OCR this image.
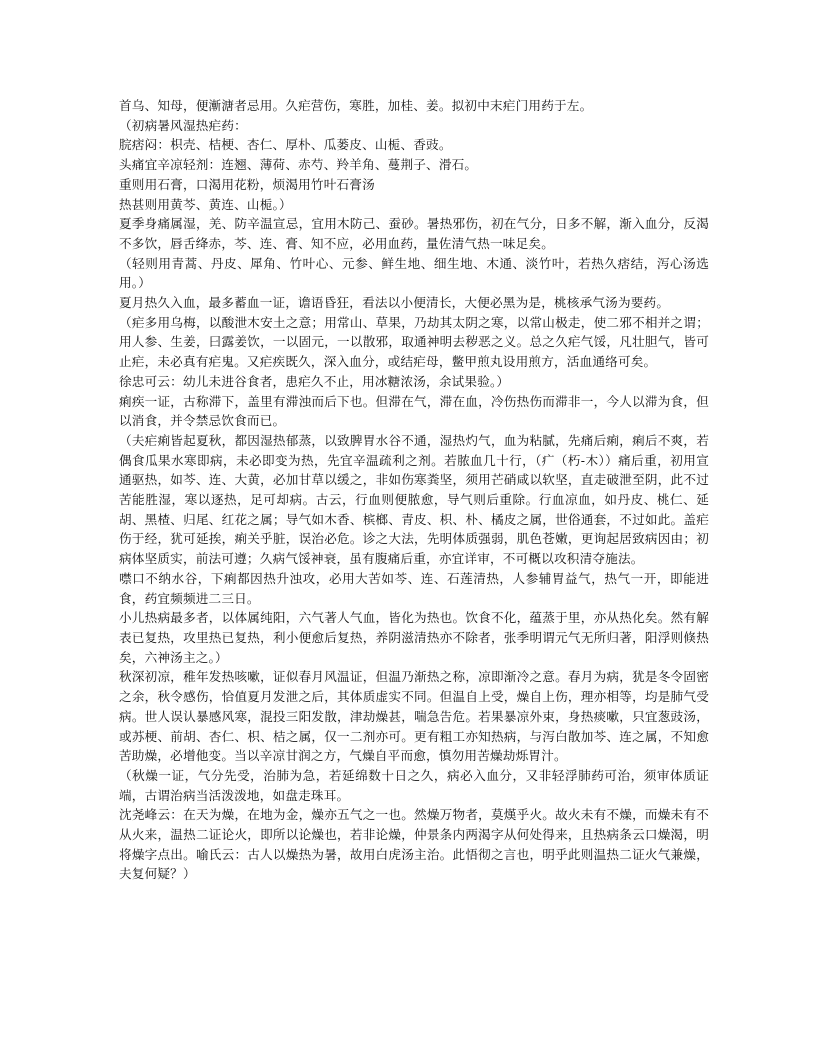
首乌、知母，便漸溏者忌用。久疟营伤，寒胜，加桂、姜。拟初中末疟门用药于左。

（初病暑风湿热疟药：

脘痞闷：枳壳、桔梗、杏仁、厚朴、瓜蒌皮、山栀、香豉。

头痛宜辛凉轻剂：连翘、薄荷、赤芍、羚羊角、蔓荆子、滑石。

重则用石膏，口渴用花粉，烦渴用竹叶石膏汤

热甚则用黄芩、黄连、山栀。）

夏季身痛属湿，羌、防辛温宣忌，宜用木防己、蚕砂。暑热邪伤，初在气分，日多不解，渐入血分，反渴不多饮，唇舌绛赤，芩、连、膏、知不应，必用血药，量佐清气热一味足矣。

（轻则用青蒿、丹皮、犀角、竹叶心、元参、鲜生地、细生地、木通、淡竹叶，若热久痞结，泻心汤选用。）

夏月热久入血，最多蓄血一证，谵语昏狂，看法以小便清长，大便必黑为是，桃核承气汤为要药。

（疟多用乌梅，以酸泄木安土之意；用常山、草果，乃劫其太阴之寒，以常山极走，使二邪不相并之谓；用人参、生姜，曰露姜饮，一以固元，一以散邪，取通神明去秽恶之义。总之久疟气馁，凡壮胆气，皆可止疟，未必真有疟鬼。又疟疾既久，深入血分，或结疟母，鳖甲煎丸设用煎方，活血通络可矣。

徐忠可云：幼儿未进谷食者，患疟久不止，用冰糖浓汤，余试果验。）

痢疾一证，古称滞下，盖里有滞浊而后下也。但滞在气，滞在血，冷伤热伤而滞非一，今人以滞为食，但以消食，并令禁忌饮食而已。

（夫疟痢皆起夏秋，都因湿热郁蒸，以致脾胃水谷不通，湿热灼气，血为粘腻，先痛后痢，痢后不爽，若偶食瓜果水寒即病，未必即变为热，先宜辛温疏利之剂。若脓血几十行，（疒（朽-木））痛后重，初用宣通驱热，如芩、连、大黄，必加甘草以缓之，非如伤寒粪坚，须用芒硝咸以软坚，直走破泄至阴，此不过苦能胜湿，寒以逐热，足可却病。古云，行血则便脓愈，导气则后重除。行血凉血，如丹皮、桃仁、延胡、黑楂、归尾、红花之属；导气如木香、槟榔、青皮、枳、朴、橘皮之属，世俗通套，不过如此。盖疟伤于经，犹可延挨，痢关乎脏，误治必危。诊之大法，先明体质强弱，肌色苍嫩，更询起居致病因由；初病体坚质实，前法可遵；久病气馁神衰，虽有腹痛后重，亦宜详审，不可概以攻积清夺施法。

噤口不纳水谷，下痢都因热升浊攻，必用大苦如芩、连、石莲清热，人参辅胃益气，热气一开，即能进食，药宜频频进二三日。

小儿热病最多者，以体属纯阳，六气著人气血，皆化为热也。饮食不化，蕴蒸于里，亦从热化矣。然有解表已复热，攻里热已复热，利小便愈后复热，养阴滋清热亦不除者，张季明谓元气无所归著，阳浮则倏热矣，六神汤主之。）

秋深初凉，稚年发热咳嗽，证似春月风温证，但温乃渐热之称，凉即渐冷之意。春月为病，犹是冬令固密之余，秋令感伤，恰值夏月发泄之后，其体质虚实不同。但温自上受，燥自上伤，理亦相等，均是肺气受病。世人误认暴感风寒，混投三阳发散，津劫燥甚，喘急告危。若果暴凉外束，身热痰嗽，只宜葱豉汤，或苏梗、前胡、杏仁、枳、桔之属，仅一二剂亦可。更有粗工亦知热病，与泻白散加芩、连之属，不知愈苦助燥，必增他变。当以辛凉甘润之方，气燥自平而愈，慎勿用苦燥劫烁胃汁。

（秋燥一证，气分先受，治肺为急，若延绵数十日之久，病必入血分，又非轻浮肺药可治，须审体质证端，古谓治病当活泼泼地，如盘走珠耳。

沈尧峰云：在天为燥，在地为金，燥亦五气之一也。然燥万物者，莫熯乎火。故火未有不燥，而燥未有不从火来，温热二证论火，即所以论燥也，若非论燥，仲景条内两渴字从何处得来，且热病条云口燥渴，明将燥字点出。喻氏云：古人以燥热为暑，故用白虎汤主治。此悟彻之言也，明乎此则温热二证火气兼燥，夫复何疑？）
